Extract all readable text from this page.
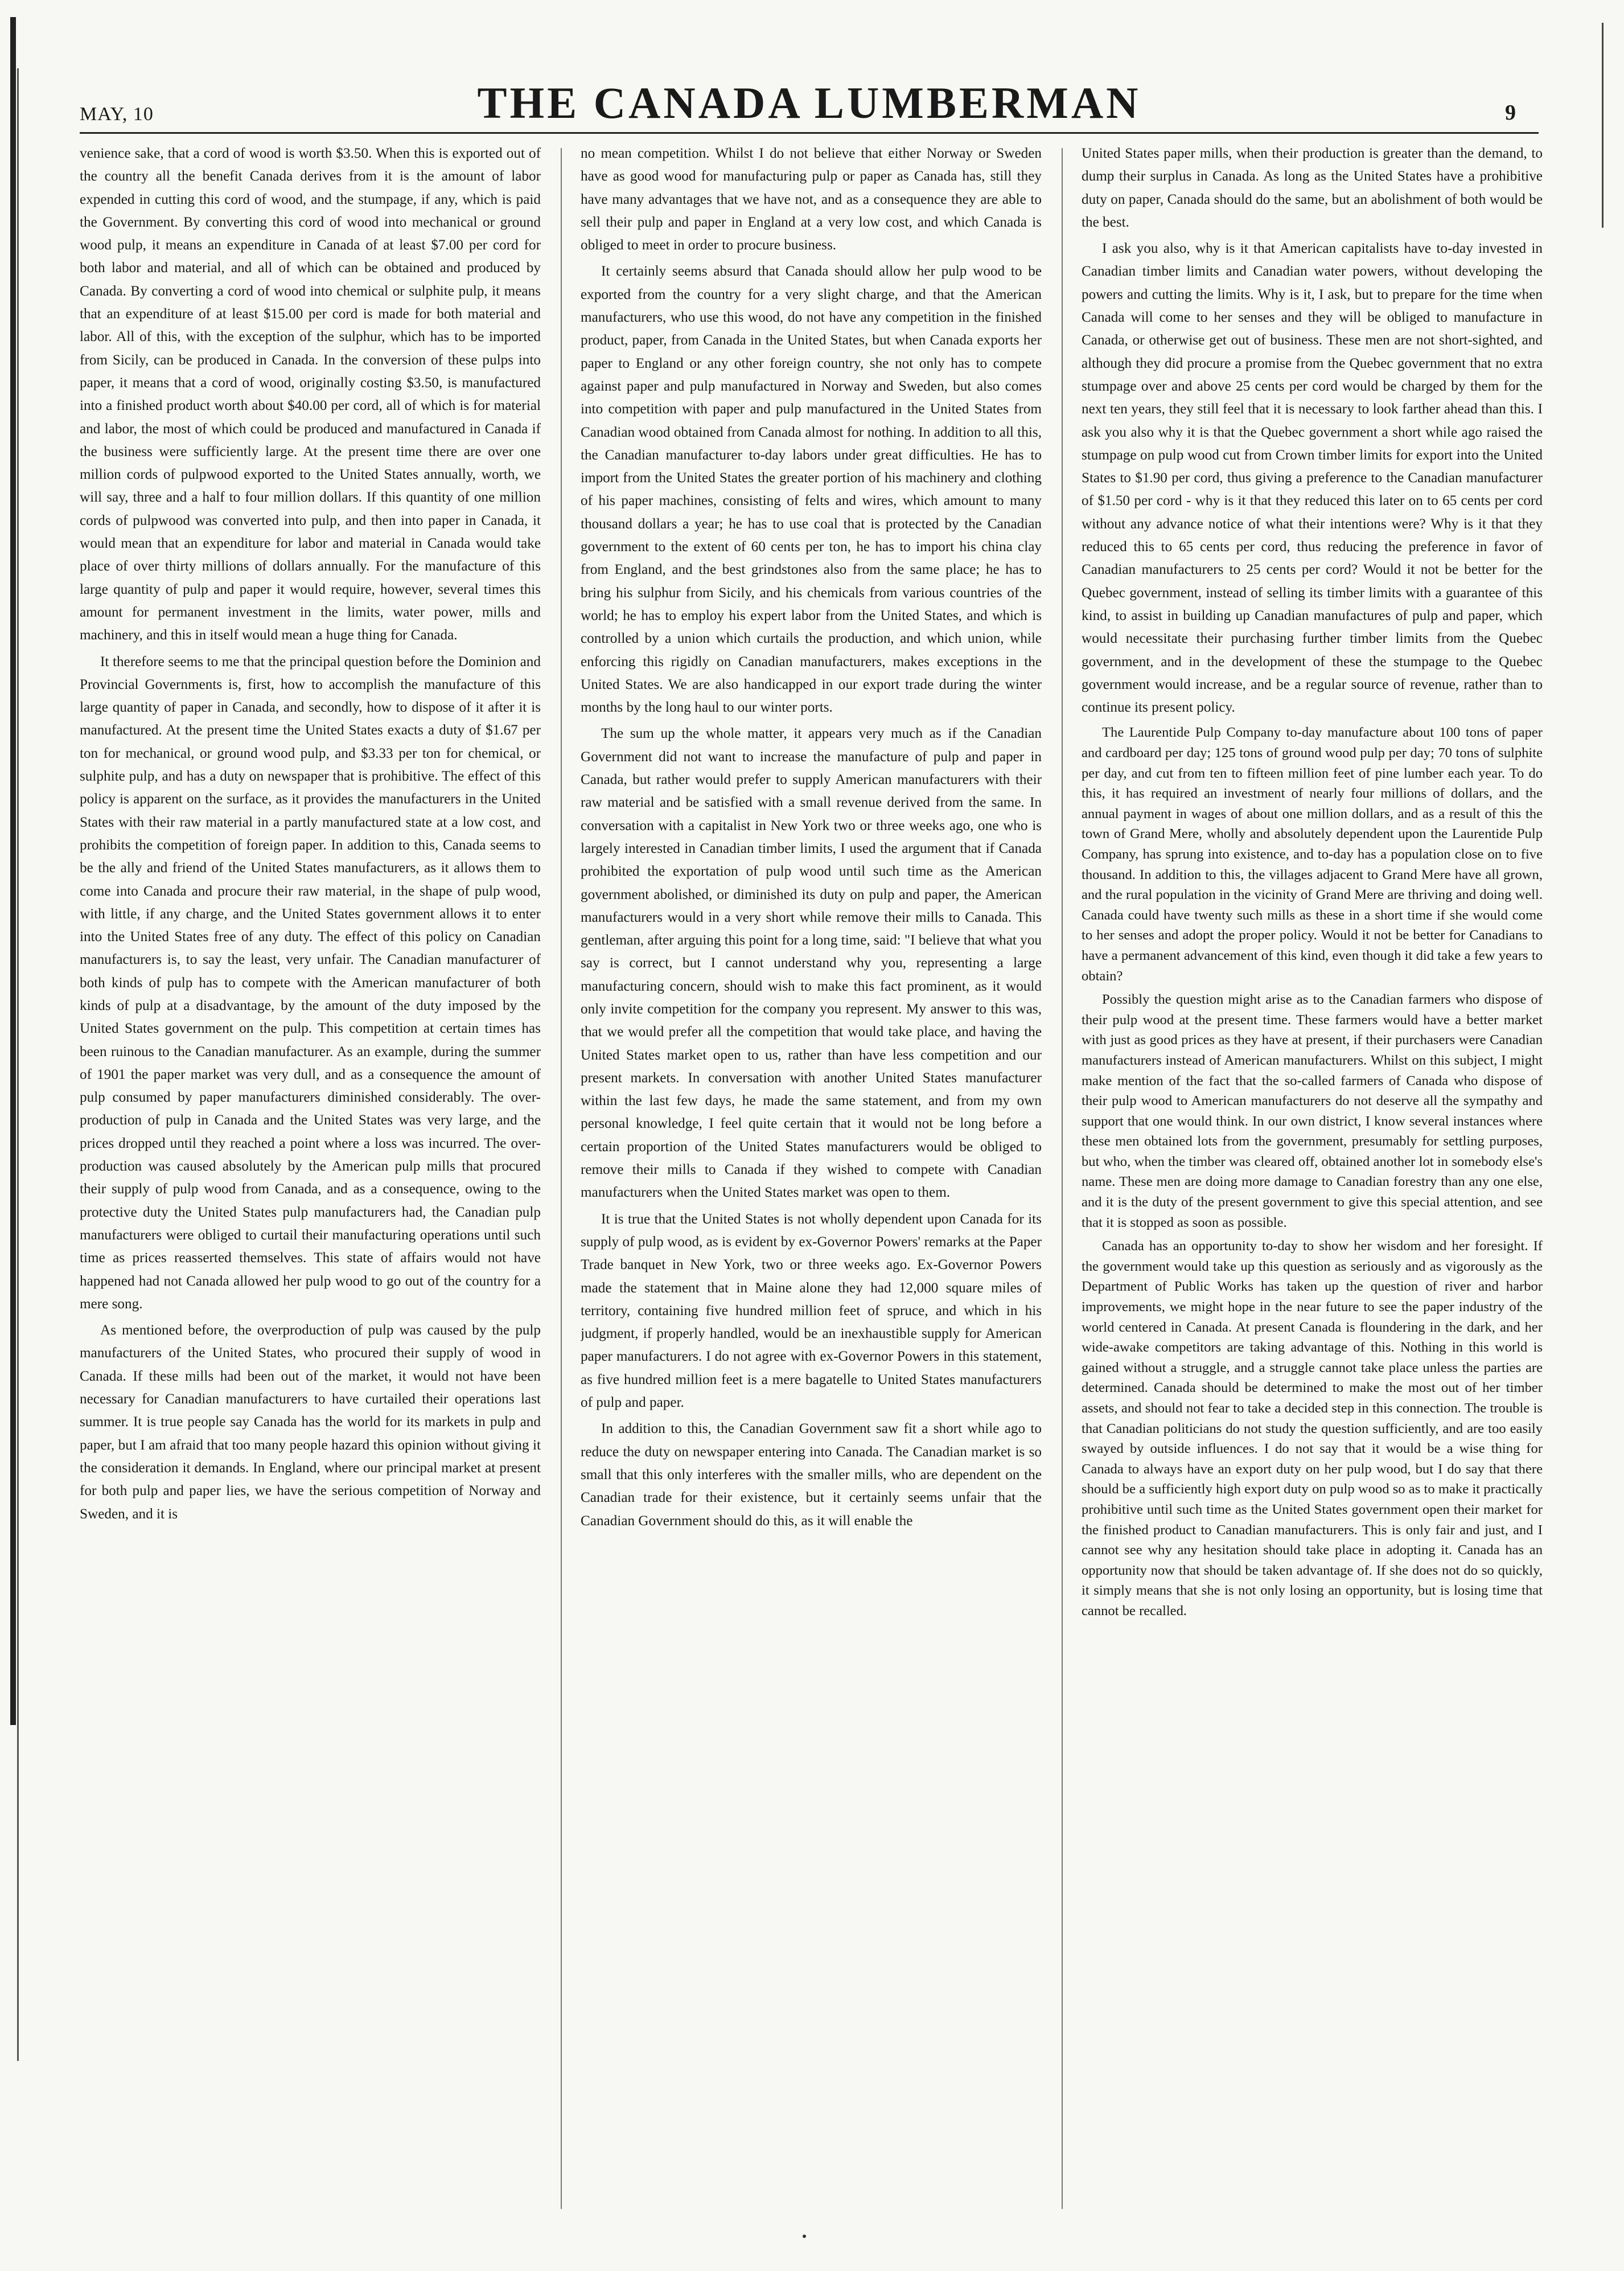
MAY, 10	THE CANADA LUMBERMAN	9

venience sake, that a cord of wood is worth $3.50. When this is exported out of the country all the benefit Canada derives from it is the amount of labor expended in cutting this cord of wood, and the stumpage, if any, which is paid the Government. By converting this cord of wood into mechanical or ground wood pulp, it means an expenditure in Canada of at least $7.00 per cord for both labor and material, and all of which can be obtained and produced by Canada. By converting a cord of wood into chemical or sulphite pulp, it means that an expenditure of at least $15.00 per cord is made for both material and labor. All of this, with the exception of the sulphur, which has to be imported from Sicily, can be produced in Canada. In the conversion of these pulps into paper, it means that a cord of wood, originally costing $3.50, is manufactured into a finished product worth about $40.00 per cord, all of which is for material and labor, the most of which could be produced and manufactured in Canada if the business were sufficiently large. At the present time there are over one million cords of pulpwood exported to the United States annually, worth, we will say, three and a half to four million dollars. If this quantity of one million cords of pulpwood was converted into pulp, and then into paper in Canada, it would mean that an expenditure for labor and material in Canada would take place of over thirty millions of dollars annually. For the manufacture of this large quantity of pulp and paper it would require, however, several times this amount for permanent investment in the limits, water power, mills and machinery, and this in itself would mean a huge thing for Canada.

It therefore seems to me that the principal question before the Dominion and Provincial Governments is, first, how to accomplish the manufacture of this large quantity of paper in Canada, and secondly, how to dispose of it after it is manufactured. At the present time the United States exacts a duty of $1.67 per ton for mechanical, or ground wood pulp, and $3.33 per ton for chemical, or sulphite pulp, and has a duty on newspaper that is prohibitive. The effect of this policy is apparent on the surface, as it provides the manufacturers in the United States with their raw material in a partly manufactured state at a low cost, and prohibits the competition of foreign paper. In addition to this, Canada seems to be the ally and friend of the United States manufacturers, as it allows them to come into Canada and procure their raw material, in the shape of pulp wood, with little, if any charge, and the United States government allows it to enter into the United States free of any duty. The effect of this policy on Canadian manufacturers is, to say the least, very unfair. The Canadian manufacturer of both kinds of pulp has to compete with the American manufacturer of both kinds of pulp at a disadvantage, by the amount of the duty imposed by the United States government on the pulp. This competition at certain times has been ruinous to the Canadian manufacturer. As an example, during the summer of 1901 the paper market was very dull, and as a consequence the amount of pulp consumed by paper manufacturers diminished considerably. The over-production of pulp in Canada and the United States was very large, and the prices dropped until they reached a point where a loss was incurred. The over-production was caused absolutely by the American pulp mills that procured their supply of pulp wood from Canada, and as a consequence, owing to the protective duty the United States pulp manufacturers had, the Canadian pulp manufacturers were obliged to curtail their manufacturing operations until such time as prices reasserted themselves. This state of affairs would not have happened had not Canada allowed her pulp wood to go out of the country for a mere song.

As mentioned before, the overproduction of pulp was caused by the pulp manufacturers of the United States, who procured their supply of wood in Canada. If these mills had been out of the market, it would not have been necessary for Canadian manufacturers to have curtailed their operations last summer. It is true people say Canada has the world for its markets in pulp and paper, but I am afraid that too many people hazard this opinion without giving it the consideration it demands. In England, where our principal market at present for both pulp and paper lies, we have the serious competition of Norway and Sweden, and it is

no mean competition. Whilst I do not believe that either Norway or Sweden have as good wood for manufacturing pulp or paper as Canada has, still they have many advantages that we have not, and as a consequence they are able to sell their pulp and paper in England at a very low cost, and which Canada is obliged to meet in order to procure business.

It certainly seems absurd that Canada should allow her pulp wood to be exported from the country for a very slight charge, and that the American manufacturers, who use this wood, do not have any competition in the finished product, paper, from Canada in the United States, but when Canada exports her paper to England or any other foreign country, she not only has to compete against paper and pulp manufactured in Norway and Sweden, but also comes into competition with paper and pulp manufactured in the United States from Canadian wood obtained from Canada almost for nothing. In addition to all this, the Canadian manufacturer to-day labors under great difficulties. He has to import from the United States the greater portion of his machinery and clothing of his paper machines, consisting of felts and wires, which amount to many thousand dollars a year; he has to use coal that is protected by the Canadian government to the extent of 60 cents per ton, he has to import his china clay from England, and the best grindstones also from the same place; he has to bring his sulphur from Sicily, and his chemicals from various countries of the world; he has to employ his expert labor from the United States, and which is controlled by a union which curtails the production, and which union, while enforcing this rigidly on Canadian manufacturers, makes exceptions in the United States. We are also handicapped in our export trade during the winter months by the long haul to our winter ports.

The sum up the whole matter, it appears very much as if the Canadian Government did not want to increase the manufacture of pulp and paper in Canada, but rather would prefer to supply American manufacturers with their raw material and be satisfied with a small revenue derived from the same. In conversation with a capitalist in New York two or three weeks ago, one who is largely interested in Canadian timber limits, I used the argument that if Canada prohibited the exportation of pulp wood until such time as the American government abolished, or diminished its duty on pulp and paper, the American manufacturers would in a very short while remove their mills to Canada. This gentleman, after arguing this point for a long time, said: "I believe that what you say is correct, but I cannot understand why you, representing a large manufacturing concern, should wish to make this fact prominent, as it would only invite competition for the company you represent. My answer to this was, that we would prefer all the competition that would take place, and having the United States market open to us, rather than have less competition and our present markets. In conversation with another United States manufacturer within the last few days, he made the same statement, and from my own personal knowledge, I feel quite certain that it would not be long before a certain proportion of the United States manufacturers would be obliged to remove their mills to Canada if they wished to compete with Canadian manufacturers when the United States market was open to them.

It is true that the United States is not wholly dependent upon Canada for its supply of pulp wood, as is evident by ex-Governor Powers' remarks at the Paper Trade banquet in New York, two or three weeks ago. Ex-Governor Powers made the statement that in Maine alone they had 12,000 square miles of territory, containing five hundred million feet of spruce, and which in his judgment, if properly handled, would be an inexhaustible supply for American paper manufacturers. I do not agree with ex-Governor Powers in this statement, as five hundred million feet is a mere bagatelle to United States manufacturers of pulp and paper.

In addition to this, the Canadian Government saw fit a short while ago to reduce the duty on newspaper entering into Canada. The Canadian market is so small that this only interferes with the smaller mills, who are dependent on the Canadian trade for their existence, but it certainly seems unfair that the Canadian Government should do this, as it will enable the

United States paper mills, when their production is greater than the demand, to dump their surplus in Canada. As long as the United States have a prohibitive duty on paper, Canada should do the same, but an abolishment of both would be the best.

I ask you also, why is it that American capitalists have to-day invested in Canadian timber limits and Canadian water powers, without developing the powers and cutting the limits. Why is it, I ask, but to prepare for the time when Canada will come to her senses and they will be obliged to manufacture in Canada, or otherwise get out of business. These men are not short-sighted, and although they did procure a promise from the Quebec government that no extra stumpage over and above 25 cents per cord would be charged by them for the next ten years, they still feel that it is necessary to look farther ahead than this. I ask you also why it is that the Quebec government a short while ago raised the stumpage on pulp wood cut from Crown timber limits for export into the United States to $1.90 per cord, thus giving a preference to the Canadian manufacturer of $1.50 per cord - why is it that they reduced this later on to 65 cents per cord without any advance notice of what their intentions were? Why is it that they reduced this to 65 cents per cord, thus reducing the preference in favor of Canadian manufacturers to 25 cents per cord? Would it not be better for the Quebec government, instead of selling its timber limits with a guarantee of this kind, to assist in building up Canadian manufactures of pulp and paper, which would necessitate their purchasing further timber limits from the Quebec government, and in the development of these the stumpage to the Quebec government would increase, and be a regular source of revenue, rather than to continue its present policy.

The Laurentide Pulp Company to-day manufacture about 100 tons of paper and cardboard per day; 125 tons of ground wood pulp per day; 70 tons of sulphite per day, and cut from ten to fifteen million feet of pine lumber each year. To do this, it has required an investment of nearly four millions of dollars, and the annual payment in wages of about one million dollars, and as a result of this the town of Grand Mere, wholly and absolutely dependent upon the Laurentide Pulp Company, has sprung into existence, and to-day has a population close on to five thousand. In addition to this, the villages adjacent to Grand Mere have all grown, and the rural population in the vicinity of Grand Mere are thriving and doing well. Canada could have twenty such mills as these in a short time if she would come to her senses and adopt the proper policy. Would it not be better for Canadians to have a permanent advancement of this kind, even though it did take a few years to obtain?

Possibly the question might arise as to the Canadian farmers who dispose of their pulp wood at the present time. These farmers would have a better market with just as good prices as they have at present, if their purchasers were Canadian manufacturers instead of American manufacturers. Whilst on this subject, I might make mention of the fact that the so-called farmers of Canada who dispose of their pulp wood to American manufacturers do not deserve all the sympathy and support that one would think. In our own district, I know several instances where these men obtained lots from the government, presumably for settling purposes, but who, when the timber was cleared off, obtained another lot in somebody else's name. These men are doing more damage to Canadian forestry than any one else, and it is the duty of the present government to give this special attention, and see that it is stopped as soon as possible.

Canada has an opportunity to-day to show her wisdom and her foresight. If the government would take up this question as seriously and as vigorously as the Department of Public Works has taken up the question of river and harbor improvements, we might hope in the near future to see the paper industry of the world centered in Canada. At present Canada is floundering in the dark, and her wide-awake competitors are taking advantage of this. Nothing in this world is gained without a struggle, and a struggle cannot take place unless the parties are determined. Canada should be determined to make the most out of her timber assets, and should not fear to take a decided step in this connection. The trouble is that Canadian politicians do not study the question sufficiently, and are too easily swayed by outside influences. I do not say that it would be a wise thing for Canada to always have an export duty on her pulp wood, but I do say that there should be a sufficiently high export duty on pulp wood so as to make it practically prohibitive until such time as the United States government open their market for the finished product to Canadian manufacturers. This is only fair and just, and I cannot see why any hesitation should take place in adopting it. Canada has an opportunity now that should be taken advantage of. If she does not do so quickly, it simply means that she is not only losing an opportunity, but is losing time that cannot be recalled.
